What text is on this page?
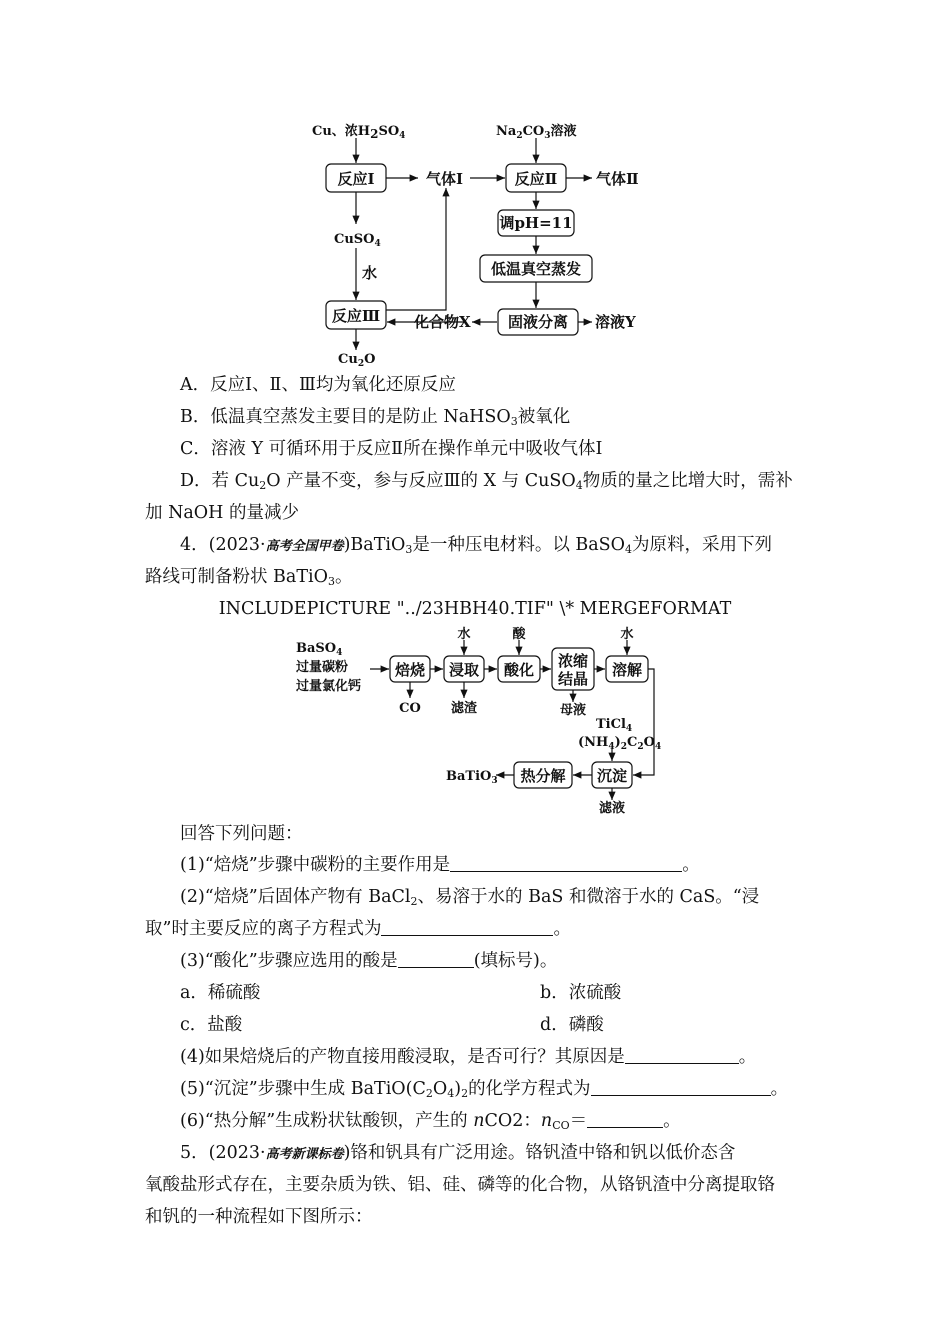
Cu、浓$H2SO_4$	$Na_2CO_3$溶液
反应Ⅰ	气体Ⅰ	反应Ⅱ	气体Ⅱ
调pH=11
低温真空蒸发
CuSO$_4$
水
反应Ⅲ 化合物X 固液分离 溶液Y
$Cu_2O$
A．反应Ⅰ、Ⅱ、Ⅲ均为氧化还原反应
B．低温真空蒸发主要目的是防止 NaHSO$_3$被氧化
C．溶液 Y 可循环用于反应Ⅱ所在操作单元中吸收气体Ⅰ
D．若 $Cu_2O$ 产量不变，参与反应Ⅲ的 X 与 CuSO$_4$物质的量之比增大时，需补
加 NaOH 的量减少
4．(2023·高考全国甲卷)BaTiO$_3$是一种压电材料。以 BaSO$_4$为原料，采用下列
路线可制备粉状 BaTiO$_3$。
INCLUDEPICTURE "../23HBH40.TIF" \* MERGEFORMAT
BaSO$_4$
过量碳粉
过量氯化钙
焙烧 浸取 酸化 浓缩
结晶 溶解
水	酸	水
CO 滤渣	母液
TiCl$_4$
$(NH_4)_2C_2O_4$
沉淀
热分解
BaTiO$_3$
滤液
回答下列问题：
(1)“焙烧”步骤中碳粉的主要作用是	。
(2)“焙烧”后固体产物有 BaCl$_2$、易溶于水的 BaS 和微溶于水的 CaS。“浸
取”时主要反应的离子方程式为	。
(3)“酸化”步骤应选用的酸是	(填标号)。
a．稀硫酸	b．浓硫酸
c．盐酸	d．磷酸
(4)如果焙烧后的产物直接用酸浸取，是否可行？其原因是	。
(5)“沉淀”步骤中生成 $BaTiO(C_2O_4)_2$的化学方程式为	。
(6)“热分解”生成粉状钛酸钡，产生的 nCO2：$n_{CO}=$	。
5．(2023·高考新课标卷)铬和钒具有广泛用途。铬钒渣中铬和钒以低价态含
氧酸盐形式存在，主要杂质为铁、铝、硅、磷等的化合物，从铬钒渣中分离提取铬
和钒的一种流程如下图所示：
